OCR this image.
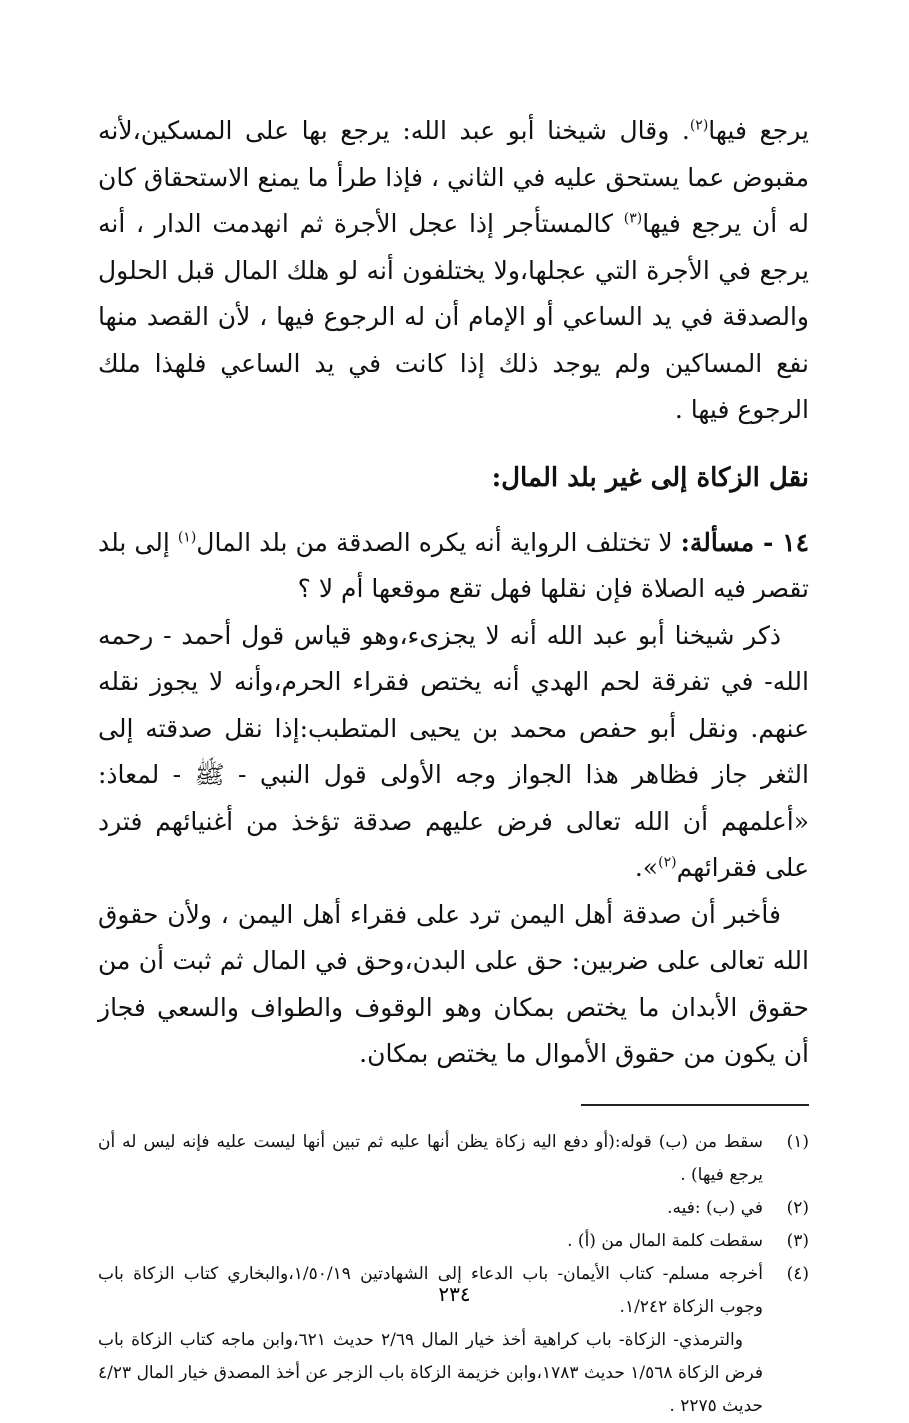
يرجع فيها$^{(٢)}$. وقال شيخنا أبو عبد الله: يرجع بها على المسكين،لأنه مقبوض عما يستحق عليه في الثاني ، فإذا طرأ ما يمنع الاستحقاق كان له أن يرجع فيها$^{(٣)}$ كالمستأجر إذا عجل الأجرة ثم انهدمت الدار ، أنه يرجع في الأجرة التي عجلها،ولا يختلفون أنه لو هلك المال قبل الحلول والصدقة في يد الساعي أو الإمام أن له الرجوع فيها ، لأن القصد منها نفع المساكين ولم يوجد ذلك إذا كانت في يد الساعي فلهذا ملك الرجوع فيها .

نقل الزكاة إلى غير بلد المال:

١٤ - مسألة: لا تختلف الرواية أنه يكره الصدقة من بلد المال$^{(١)}$ إلى بلد تقصر فيه الصلاة فإن نقلها فهل تقع موقعها أم لا ؟

ذكر شيخنا أبو عبد الله أنه لا يجزىء،وهو قياس قول أحمد - رحمه الله- في تفرقة لحم الهدي أنه يختص فقراء الحرم،وأنه لا يجوز نقله عنهم. ونقل أبو حفص محمد بن يحيى المتطبب:إذا نقل صدقته إلى الثغر جاز فظاهر هذا الجواز وجه الأولى قول النبي - ﷺ - لمعاذ: «أعلمهم أن الله تعالى فرض عليهم صدقة تؤخذ من أغنيائهم فترد على فقرائهم$^{(٢)}$».

فأخبر أن صدقة أهل اليمن ترد على فقراء أهل اليمن ، ولأن حقوق الله تعالى على ضربين: حق على البدن،وحق في المال ثم ثبت أن من حقوق الأبدان ما يختص بمكان وهو الوقوف والطواف والسعي فجاز أن يكون من حقوق الأموال ما يختص بمكان.

(١)
سقط من (ب) قوله:(أو دفع اليه زكاة يظن أنها عليه ثم تبين أنها ليست عليه فإنه ليس له أن يرجع فيها) .
(٢)
في (ب) :فيه.
(٣)
سقطت كلمة المال من (أ) .
(٤)
أخرجه مسلم- كتاب الأيمان- باب الدعاء إلى الشهادتين ١/٥٠/١٩،والبخاري كتاب الزكاة باب وجوب الزكاة ١/٢٤٢.
والترمذي- الزكاة- باب كراهية أخذ خيار المال ٢/٦٩ حديث ٦٢١،وابن ماجه كتاب الزكاة باب فرض الزكاة ١/٥٦٨ حديث ١٧٨٣،وابن خزيمة الزكاة باب الزجر عن أخذ المصدق خيار المال ٤/٢٣ حديث ٢٢٧٥ .
٢٣٤
